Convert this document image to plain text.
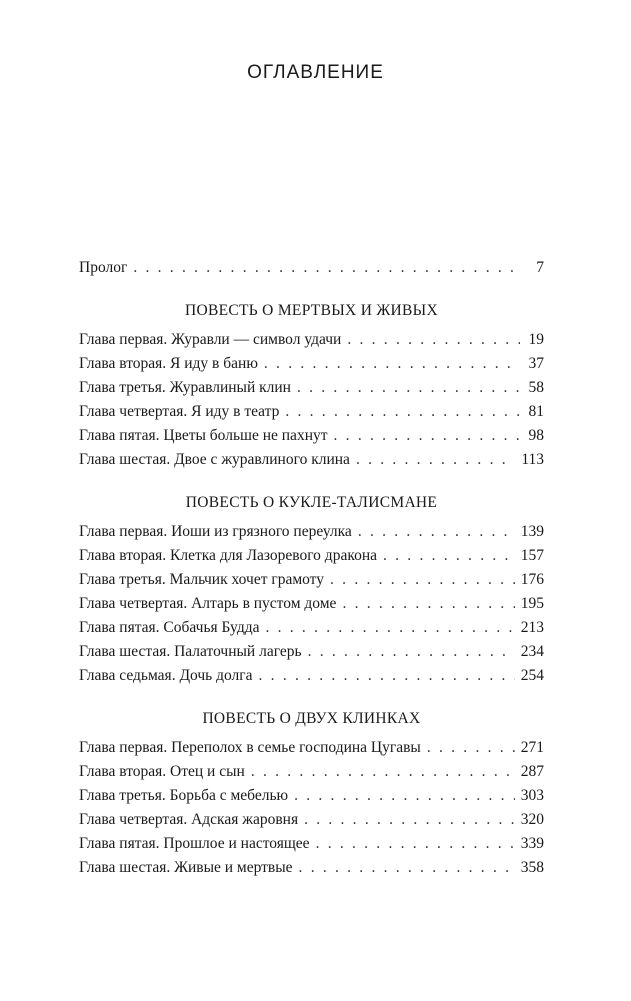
ОГЛАВЛЕНИЕ
Пролог . . .	7
ПОВЕСТЬ О МЕРТВЫХ И ЖИВЫХ
Глава первая. Журавли — символ удачи . . .	19
Глава вторая. Я иду в баню . . .	37
Глава третья. Журавлиный клин . . .	58
Глава четвертая. Я иду в театр . . .	81
Глава пятая. Цветы больше не пахнут . . .	98
Глава шестая. Двое с журавлиного клина . . .	113
ПОВЕСТЬ О КУКЛЕ-ТАЛИСМАНЕ
Глава первая. Иоши из грязного переулка . . .	139
Глава вторая. Клетка для Лазоревого дракона . . .	157
Глава третья. Мальчик хочет грамоту . . .	176
Глава четвертая. Алтарь в пустом доме . . .	195
Глава пятая. Собачья Будда . . .	213
Глава шестая. Палаточный лагерь . . .	234
Глава седьмая. Дочь долга . . .	254
ПОВЕСТЬ О ДВУХ КЛИНКАХ
Глава первая. Переполох в семье господина Цугавы . . .	271
Глава вторая. Отец и сын . . .	287
Глава третья. Борьба с мебелью . . .	303
Глава четвертая. Адская жаровня . . .	320
Глава пятая. Прошлое и настоящее . . .	339
Глава шестая. Живые и мертвые . . .	358
